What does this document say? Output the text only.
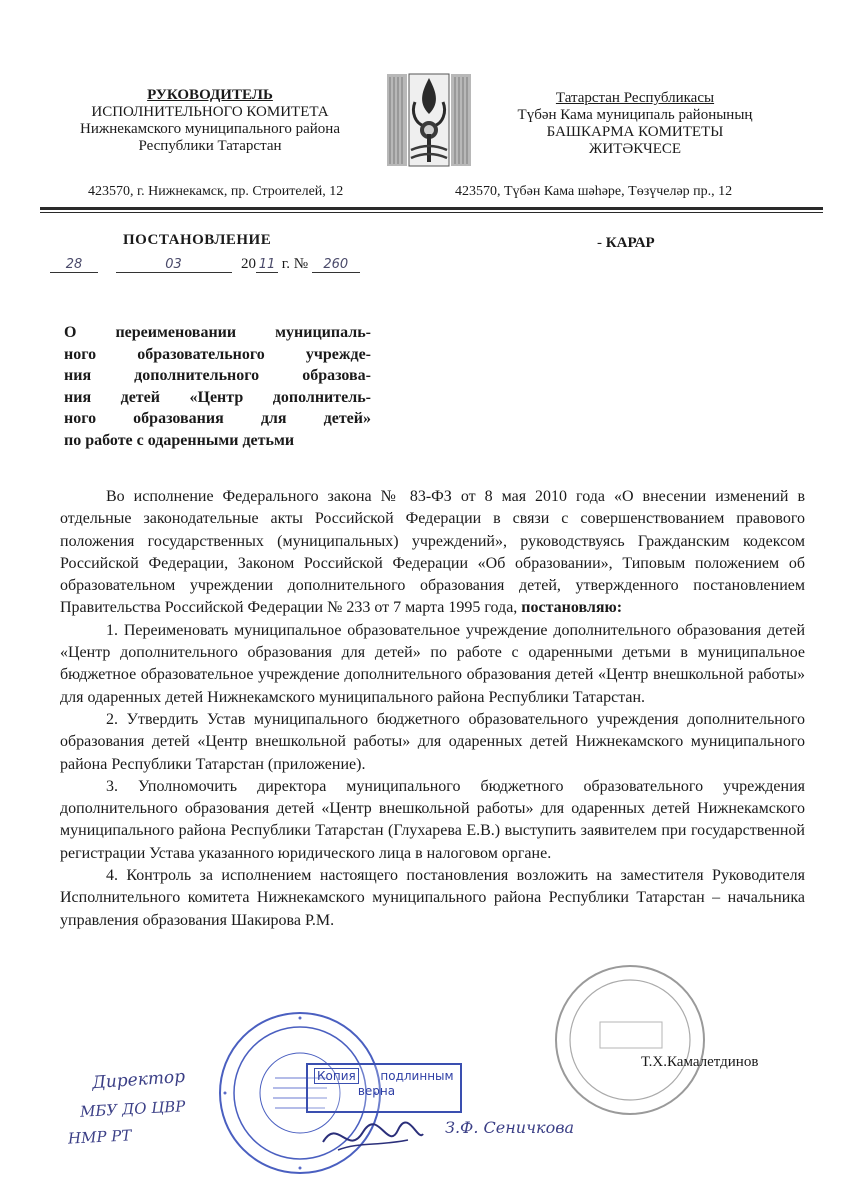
РУКОВОДИТЕЛЬ
ИСПОЛНИТЕЛЬНОГО КОМИТЕТА
Нижнекамского муниципального района
Республики Татарстан
Татарстан Республикасы
Түбән Кама муниципаль районының
БАШКАРМА КОМИТЕТЫ
ЖИТӘКЧЕСЕ
423570, г. Нижнекамск, пр. Строителей, 12	423570, Түбән Кама шәһәре, Төзүчеләр пр., 12
ПОСТАНОВЛЕНИЕ	- КАРАР
28	03	20 11 г. № 260
О переименовании муниципаль-
ного образовательного учрежде-
ния дополнительного образова-
ния детей «Центр дополнитель-
ного образования для детей»
по работе с одаренными детьми

Во исполнение Федерального закона № 83-ФЗ от 8 мая 2010 года «О внесении изменений в отдельные законодательные акты Российской Федерации в связи с совершенствованием правового положения государственных (муниципальных) учреждений», руководствуясь Гражданским кодексом Российской Федерации, Законом Российской Федерации «Об образовании», Типовым положением об образовательном учреждении дополнительного образования детей, утвержденного постановлением Правительства Российской Федерации № 233 от 7 марта 1995 года, постановляю:

1. Переименовать муниципальное образовательное учреждение дополнительного образования детей «Центр дополнительного образования для детей» по работе с одаренными детьми в муниципальное бюджетное образовательное учреждение дополнительного образования детей «Центр внешкольной работы» для одаренных детей Нижнекамского муниципального района Республики Татарстан.

2. Утвердить Устав муниципального бюджетного образовательного учреждения дополнительного образования детей «Центр внешкольной работы» для одаренных детей Нижнекамского муниципального района Республики Татарстан (приложение).

3. Уполномочить директора муниципального бюджетного образовательного учреждения дополнительного образования детей «Центр внешкольной работы» для одаренных детей Нижнекамского муниципального района Республики Татарстан (Глухарева Е.В.) выступить заявителем при государственной регистрации Устава указанного юридического лица в налоговом органе.

4. Контроль за исполнением настоящего постановления возложить на заместителя Руководителя Исполнительного комитета Нижнекамского муниципального района Республики Татарстан – начальника управления образования Шакирова Р.М.

Копия подлинным
верна
З.Ф. Сеничкова
Директор
МБУ ДО ЦВР
НМР РТ
Т.Х.Камалетдинов
